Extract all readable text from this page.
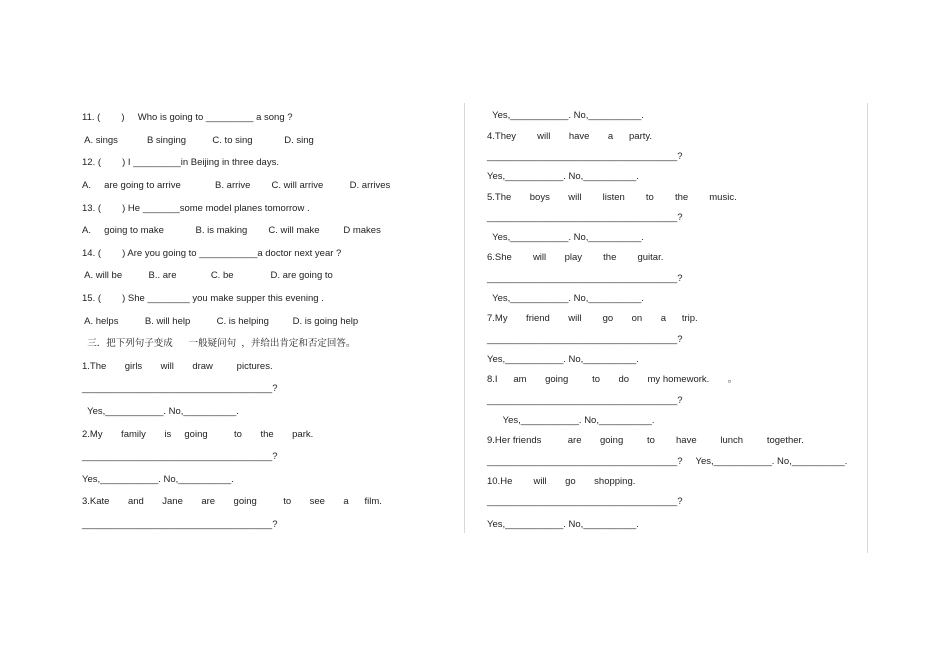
11. (        )     Who is going to _________ a song ?
A. sings           B singing          C. to sing            D. sing
12. (        ) I _________in Beijing in three days.
A.     are going to arrive             B. arrive        C. will arrive          D. arrives
13. (        ) He _______some model planes tomorrow .
A.     going to make            B. is making        C. will make         D makes
14. (        ) Are you going to ___________a doctor next year ?
A. will be          B.. are             C. be              D. are going to
15. (        ) She ________ you make supper this evening .
A. helps          B. will help          C. is helping         D. is going help
三．把下列句子变成      一般疑问句  ，并给出肯定和否定回答。
1.The       girls       will       draw         pictures.
____________________________________?
Yes,___________. No,__________.
2.My       family       is     going          to       the       park.
____________________________________?
Yes,___________. No,__________.
3.Kate       and       Jane       are       going          to       see       a      film.
____________________________________?
Yes,___________. No,__________.
4.They        will       have       a      party.
____________________________________?
Yes,___________. No,__________.
5.The       boys       will        listen        to        the        music.
____________________________________?
Yes,___________. No,__________.
6.She        will       play        the        guitar.
____________________________________?
Yes,___________. No,__________.
7.My       friend       will        go       on       a      trip.
____________________________________?
Yes,___________. No,__________.
8.I      am       going         to       do       my homework.       。
____________________________________?
Yes,___________. No,__________.
9.Her friends          are       going         to        have         lunch         together.
____________________________________?     Yes,___________. No,__________.
10.He        will       go       shopping.
____________________________________?
Yes,___________. No,__________.
